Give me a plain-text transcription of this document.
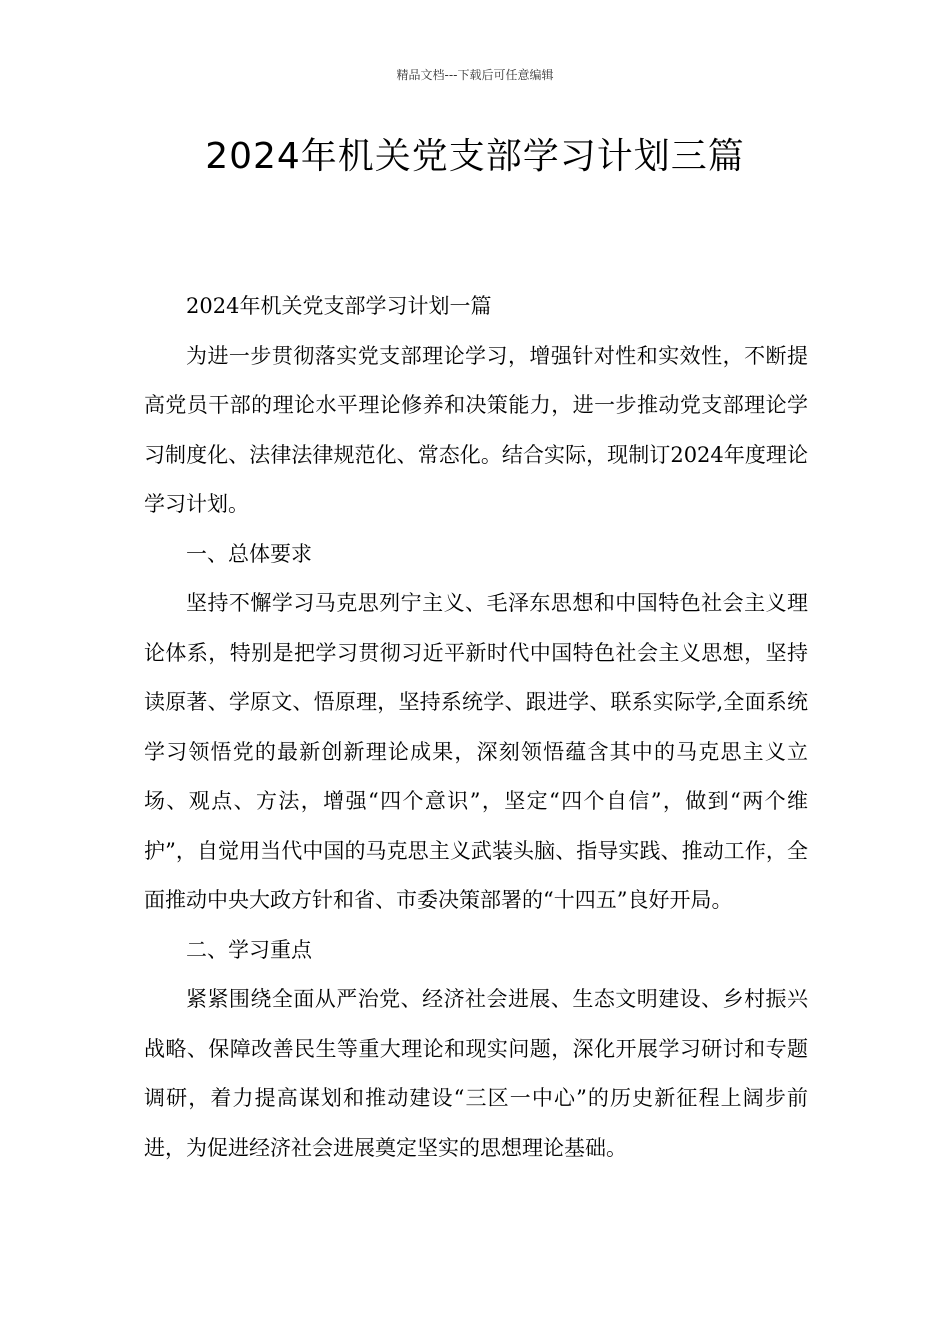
精品文档---下载后可任意编辑
2024年机关党支部学习计划三篇

2024年机关党支部学习计划一篇

为进一步贯彻落实党支部理论学习，增强针对性和实效性，不断提高党员干部的理论水平理论修养和决策能力，进一步推动党支部理论学习制度化、法律法律规范化、常态化。结合实际，现制订2024年度理论学习计划。

一、总体要求

坚持不懈学习马克思列宁主义、毛泽东思想和中国特色社会主义理论体系，特别是把学习贯彻习近平新时代中国特色社会主义思想，坚持读原著、学原文、悟原理，坚持系统学、跟进学、联系实际学,全面系统学习领悟党的最新创新理论成果，深刻领悟蕴含其中的马克思主义立场、观点、方法，增强“四个意识”，坚定“四个自信”，做到“两个维护”，自觉用当代中国的马克思主义武装头脑、指导实践、推动工作，全面推动中央大政方针和省、市委决策部署的“十四五”良好开局。

二、学习重点

紧紧围绕全面从严治党、经济社会进展、生态文明建设、乡村振兴战略、保障改善民生等重大理论和现实问题，深化开展学习研讨和专题调研，着力提高谋划和推动建设“三区一中心”的历史新征程上阔步前进，为促进经济社会进展奠定坚实的思想理论基础。
